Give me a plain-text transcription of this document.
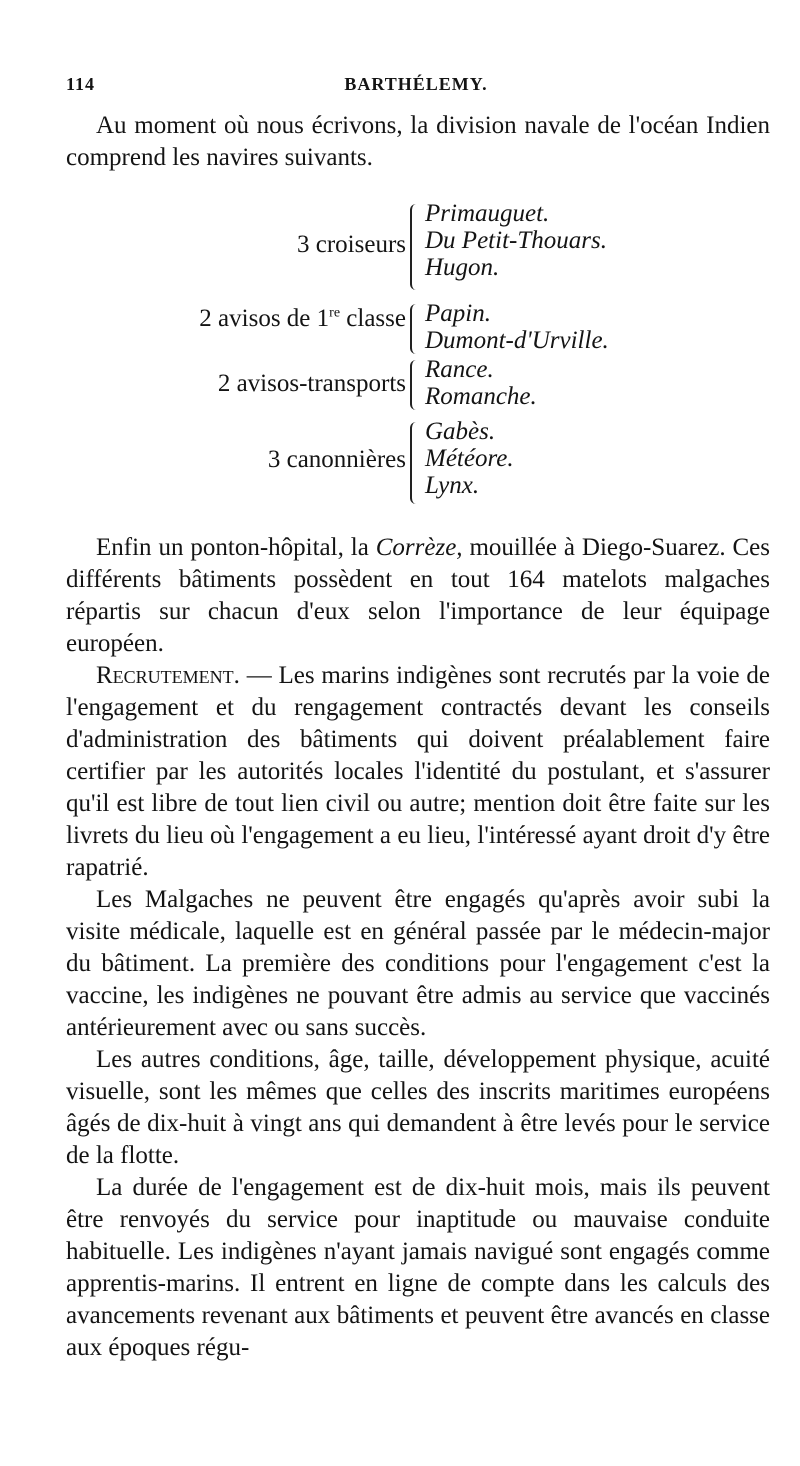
114	BARTHÉLEMY.

Au moment où nous écrivons, la division navale de l'océan Indien comprend les navires suivants.

3 croiseurs
Primauguet.
Du Petit-Thouars.
Hugon.
2 avisos de 1re classe Papin.
Dumont-d'Urville.
2 avisos-transports
Rance.
Romanche.
3 canonnières
Gabès.
Météore.
Lynx.

Enfin un ponton-hôpital, la Corrèze, mouillée à Diego-Suarez. Ces différents bâtiments possèdent en tout 164 matelots malgaches répartis sur chacun d'eux selon l'importance de leur équipage européen.

Recrutement. — Les marins indigènes sont recrutés par la voie de l'engagement et du rengagement contractés devant les conseils d'administration des bâtiments qui doivent préalablement faire certifier par les autorités locales l'identité du postulant, et s'assurer qu'il est libre de tout lien civil ou autre; mention doit être faite sur les livrets du lieu où l'engagement a eu lieu, l'intéressé ayant droit d'y être rapatrié.

Les Malgaches ne peuvent être engagés qu'après avoir subi la visite médicale, laquelle est en général passée par le médecin-major du bâtiment. La première des conditions pour l'engagement c'est la vaccine, les indigènes ne pouvant être admis au service que vaccinés antérieurement avec ou sans succès.

Les autres conditions, âge, taille, développement physique, acuité visuelle, sont les mêmes que celles des inscrits maritimes européens âgés de dix-huit à vingt ans qui demandent à être levés pour le service de la flotte.

La durée de l'engagement est de dix-huit mois, mais ils peuvent être renvoyés du service pour inaptitude ou mauvaise conduite habituelle. Les indigènes n'ayant jamais navigué sont engagés comme apprentis-marins. Il entrent en ligne de compte dans les calculs des avancements revenant aux bâtiments et peuvent être avancés en classe aux époques régu-
